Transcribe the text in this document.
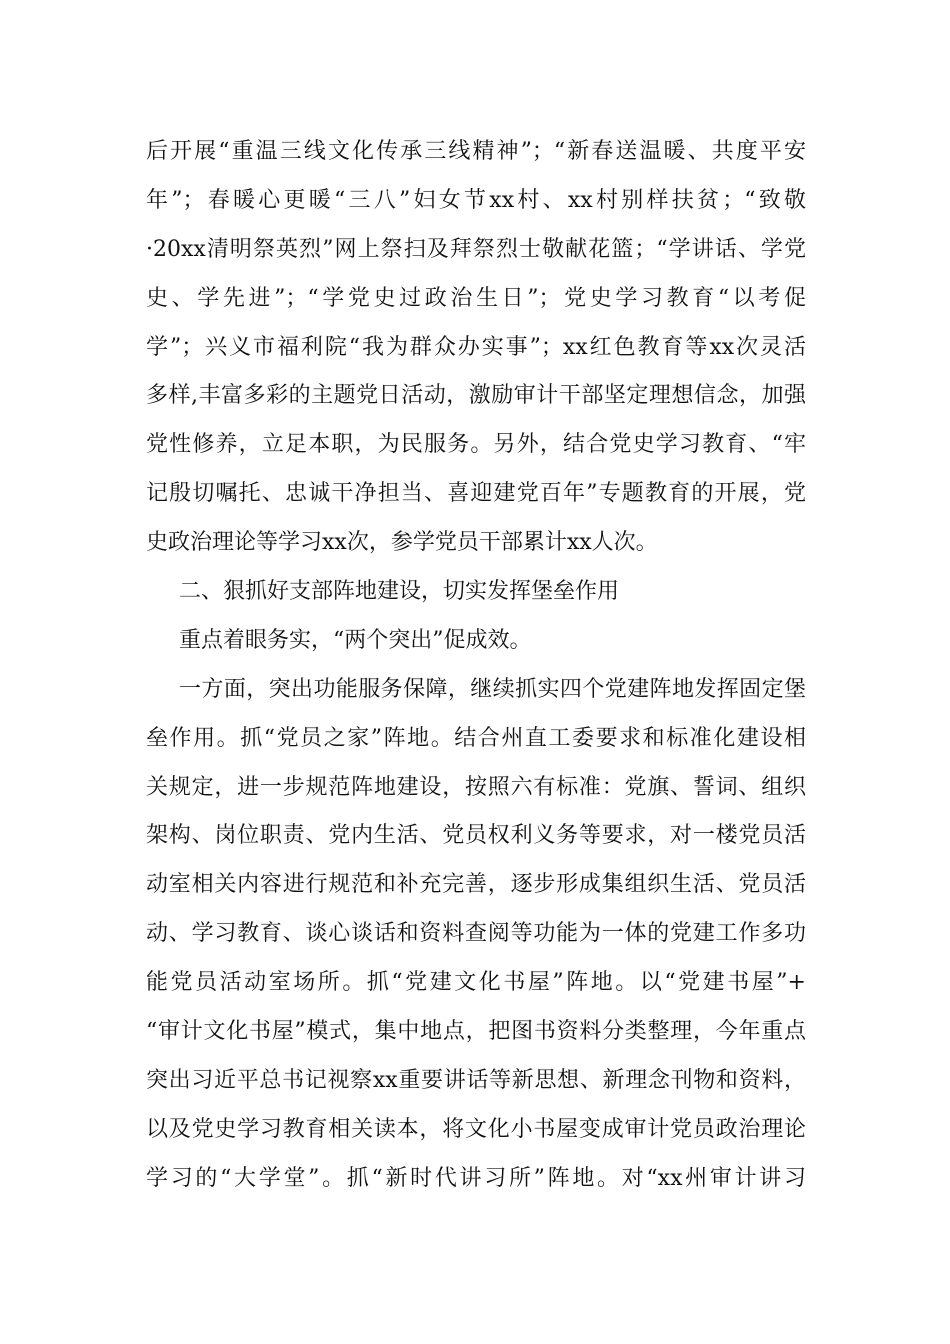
后开展“重温三线文化传承三线精神”；“新春送温暖、共度平安
年”；春暖心更暖“三八”妇女节xx村、xx村别样扶贫；“致敬
·20xx清明祭英烈”网上祭扫及拜祭烈士敬献花篮；“学讲话、学党
史、学先进”；“学党史过政治生日”；党史学习教育“以考促
学”；兴义市福利院“我为群众办实事”；xx红色教育等xx次灵活
多样,丰富多彩的主题党日活动，激励审计干部坚定理想信念，加强
党性修养，立足本职，为民服务。另外，结合党史学习教育、“牢
记殷切嘱托、忠诚干净担当、喜迎建党百年”专题教育的开展，党
史政治理论等学习xx次，参学党员干部累计xx人次。
二、狠抓好支部阵地建设，切实发挥堡垒作用
重点着眼务实，“两个突出”促成效。
一方面，突出功能服务保障，继续抓实四个党建阵地发挥固定堡
垒作用。抓“党员之家”阵地。结合州直工委要求和标准化建设相
关规定，进一步规范阵地建设，按照六有标准：党旗、誓词、组织
架构、岗位职责、党内生活、党员权利义务等要求，对一楼党员活
动室相关内容进行规范和补充完善，逐步形成集组织生活、党员活
动、学习教育、谈心谈话和资料查阅等功能为一体的党建工作多功
能党员活动室场所。抓“党建文化书屋”阵地。以“党建书屋”+
“审计文化书屋”模式，集中地点，把图书资料分类整理，今年重点
突出习近平总书记视察xx重要讲话等新思想、新理念刊物和资料，
以及党史学习教育相关读本，将文化小书屋变成审计党员政治理论
学习的“大学堂”。抓“新时代讲习所”阵地。对“xx州审计讲习
